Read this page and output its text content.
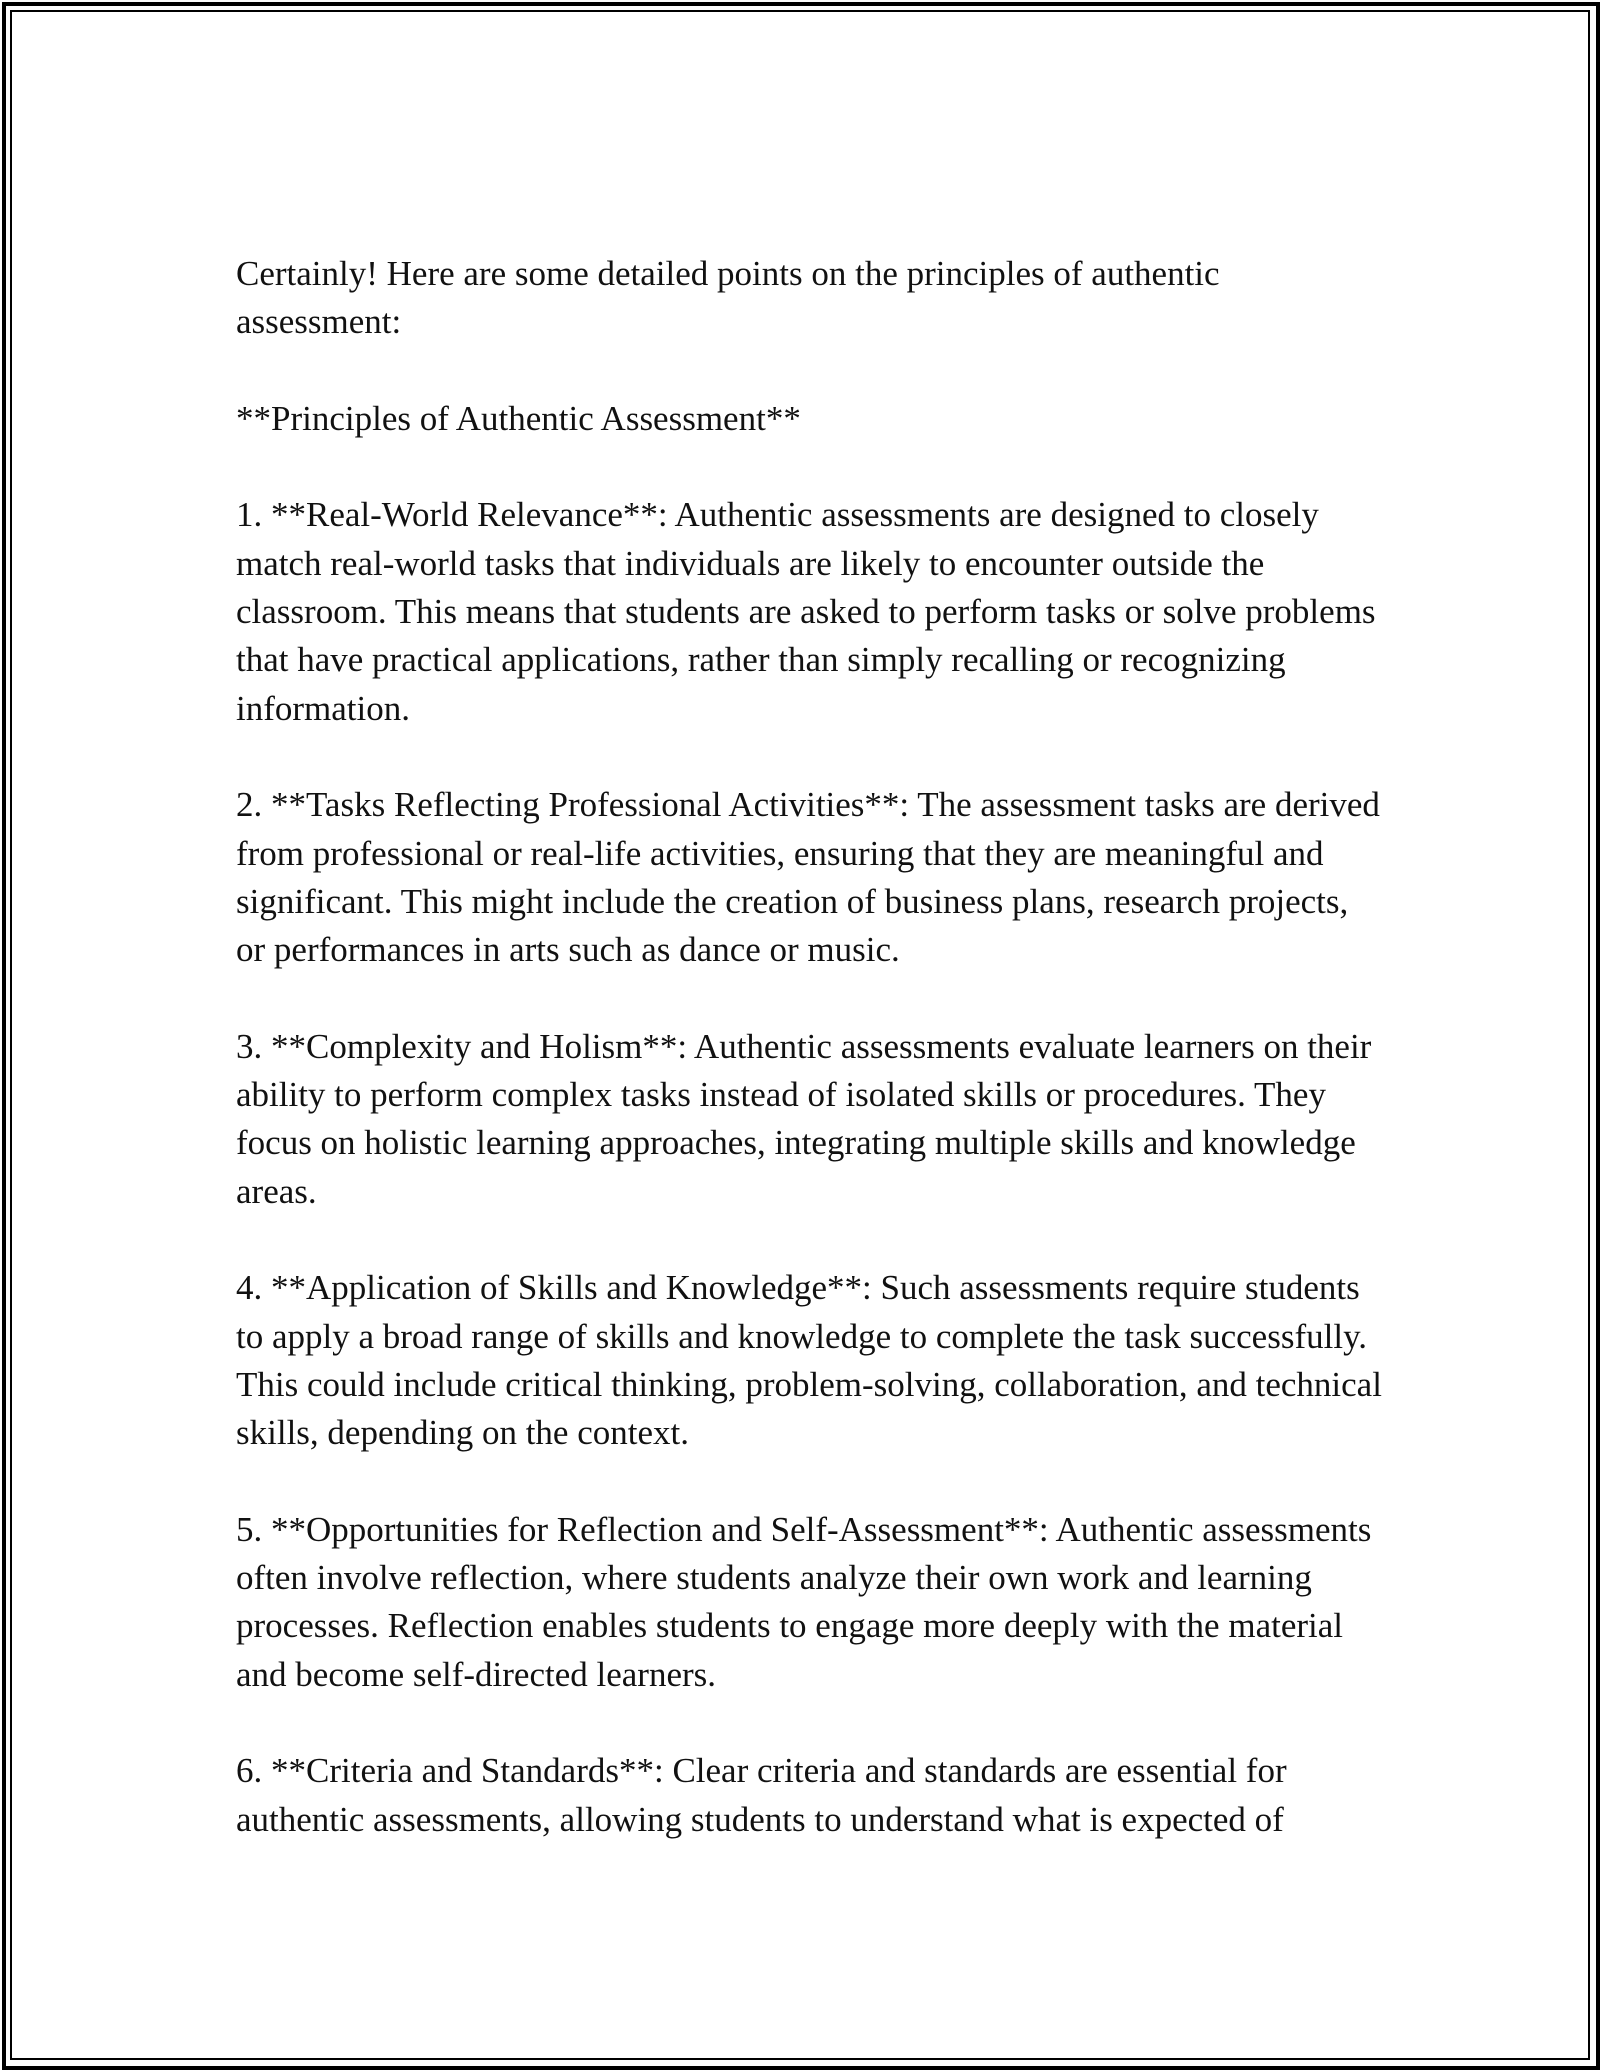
Certainly! Here are some detailed points on the principles of authentic assessment:

**Principles of Authentic Assessment**

1. **Real-World Relevance**: Authentic assessments are designed to closely match real-world tasks that individuals are likely to encounter outside the classroom. This means that students are asked to perform tasks or solve problems that have practical applications, rather than simply recalling or recognizing information.

2. **Tasks Reflecting Professional Activities**: The assessment tasks are derived from professional or real-life activities, ensuring that they are meaningful and significant. This might include the creation of business plans, research projects, or performances in arts such as dance or music.

3. **Complexity and Holism**: Authentic assessments evaluate learners on their ability to perform complex tasks instead of isolated skills or procedures. They focus on holistic learning approaches, integrating multiple skills and knowledge areas.

4. **Application of Skills and Knowledge**: Such assessments require students to apply a broad range of skills and knowledge to complete the task successfully. This could include critical thinking, problem-solving, collaboration, and technical skills, depending on the context.

5. **Opportunities for Reflection and Self-Assessment**: Authentic assessments often involve reflection, where students analyze their own work and learning processes. Reflection enables students to engage more deeply with the material and become self-directed learners.

6. **Criteria and Standards**: Clear criteria and standards are essential for authentic assessments, allowing students to understand what is expected of
